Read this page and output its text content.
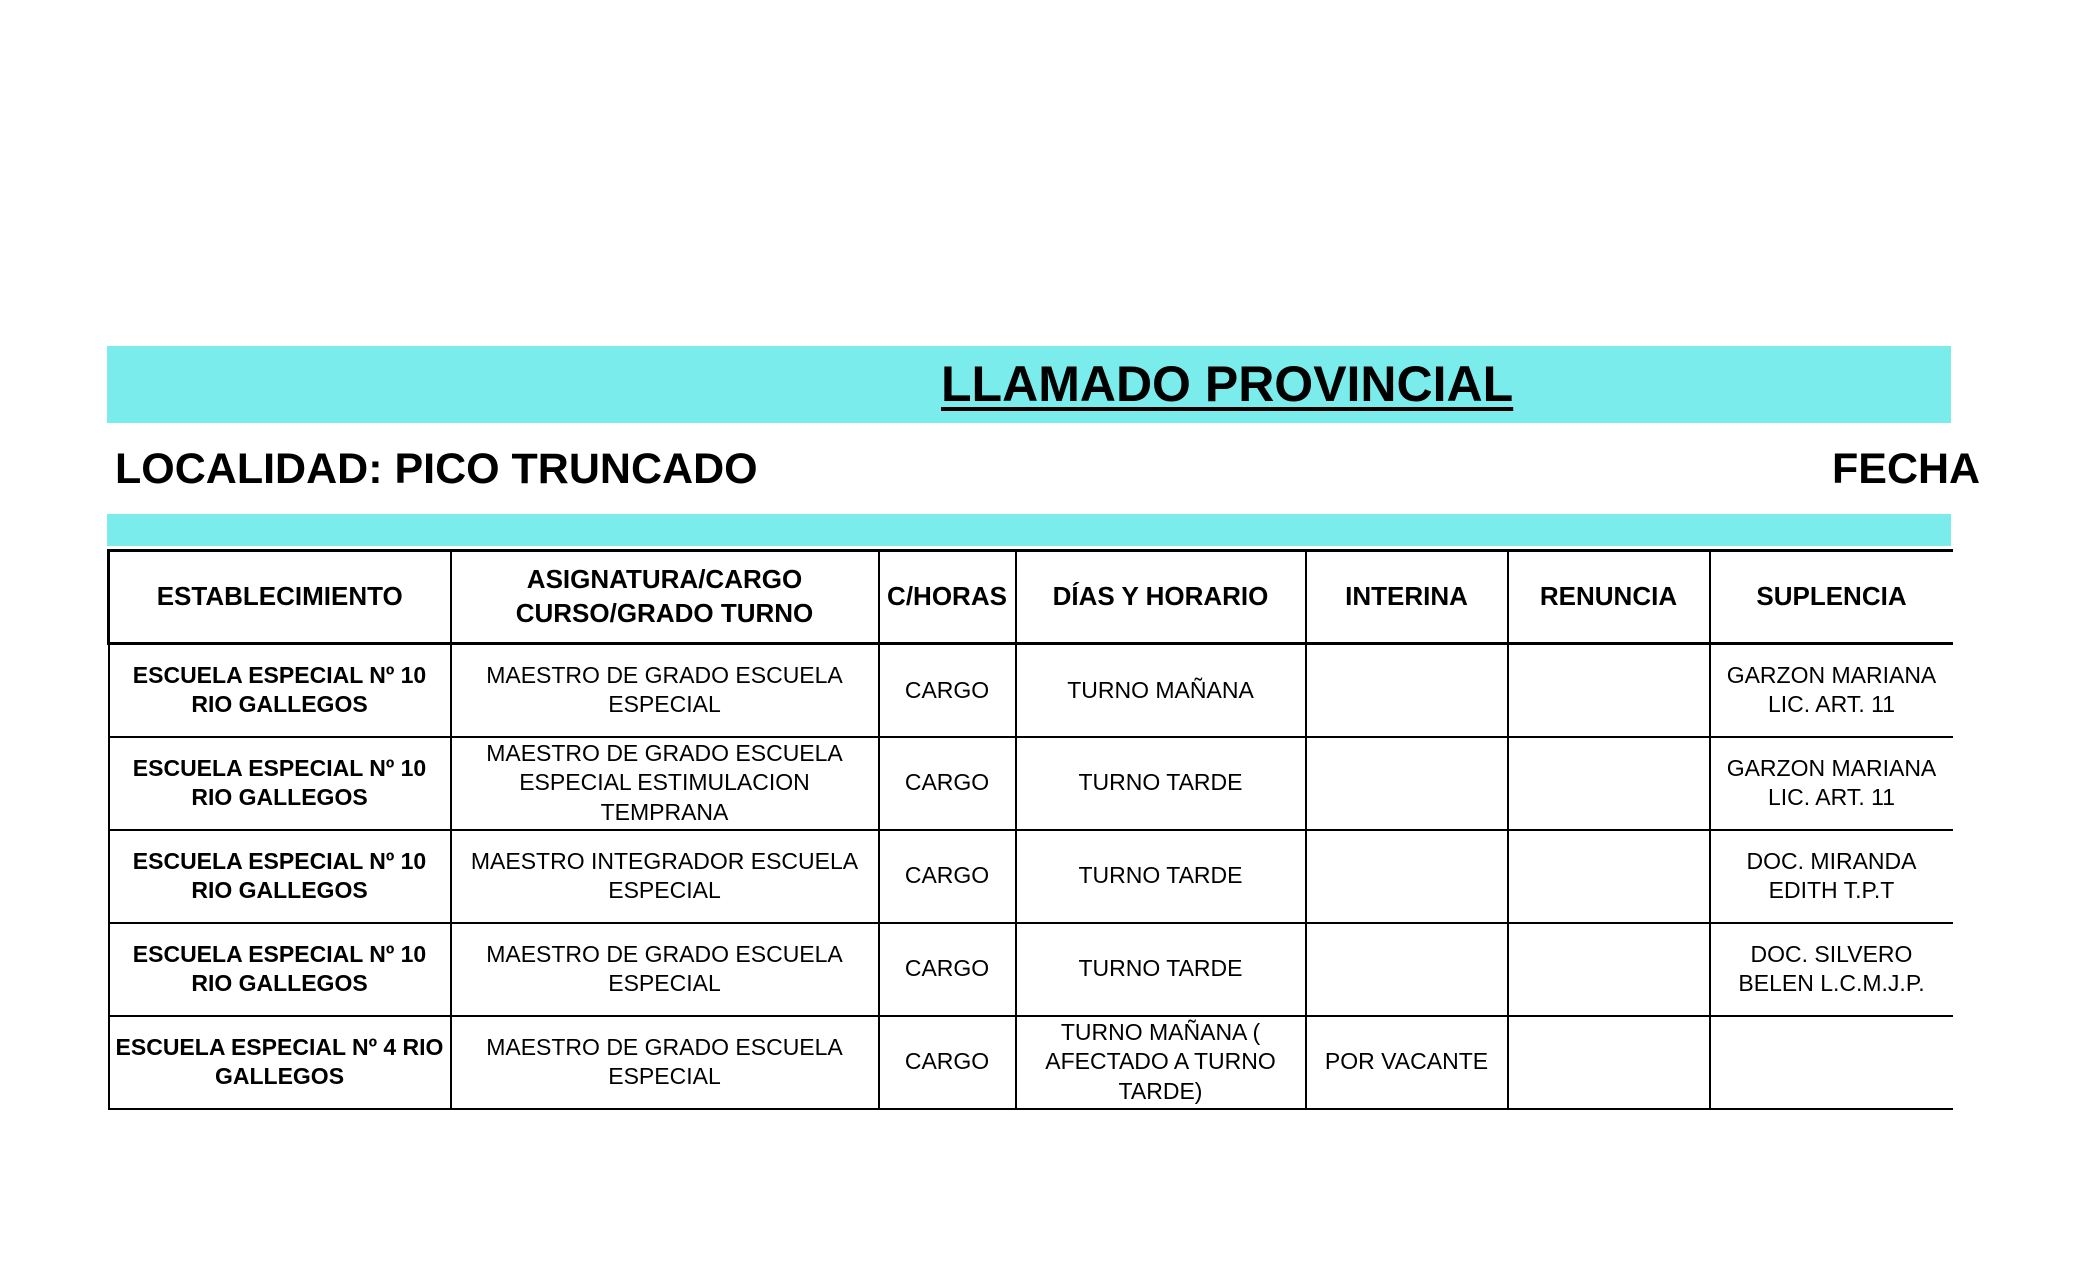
LLAMADO PROVINCIAL
LOCALIDAD: PICO TRUNCADO	FECHA
ESTABLECIMIENTO	ASIGNATURA/CARGO CURSO/GRADO TURNO	C/HORAS	DÍAS Y HORARIO	INTERINA	RENUNCIA	SUPLENCIA
ESCUELA ESPECIAL Nº 10 RIO GALLEGOS	MAESTRO DE GRADO ESCUELA ESPECIAL	CARGO	TURNO MAÑANA			GARZON MARIANA LIC. ART. 11
ESCUELA ESPECIAL Nº 10 RIO GALLEGOS	MAESTRO DE GRADO ESCUELA ESPECIAL ESTIMULACION TEMPRANA	CARGO	TURNO TARDE			GARZON MARIANA LIC. ART. 11
ESCUELA ESPECIAL Nº 10 RIO GALLEGOS	MAESTRO INTEGRADOR ESCUELA ESPECIAL	CARGO	TURNO TARDE			DOC. MIRANDA EDITH T.P.T
ESCUELA ESPECIAL Nº 10 RIO GALLEGOS	MAESTRO DE GRADO ESCUELA ESPECIAL	CARGO	TURNO TARDE			DOC. SILVERO BELEN L.C.M.J.P.
ESCUELA ESPECIAL Nº 4 RIO GALLEGOS	MAESTRO DE GRADO ESCUELA ESPECIAL	CARGO	TURNO MAÑANA ( AFECTADO A TURNO TARDE)	POR VACANTE		
